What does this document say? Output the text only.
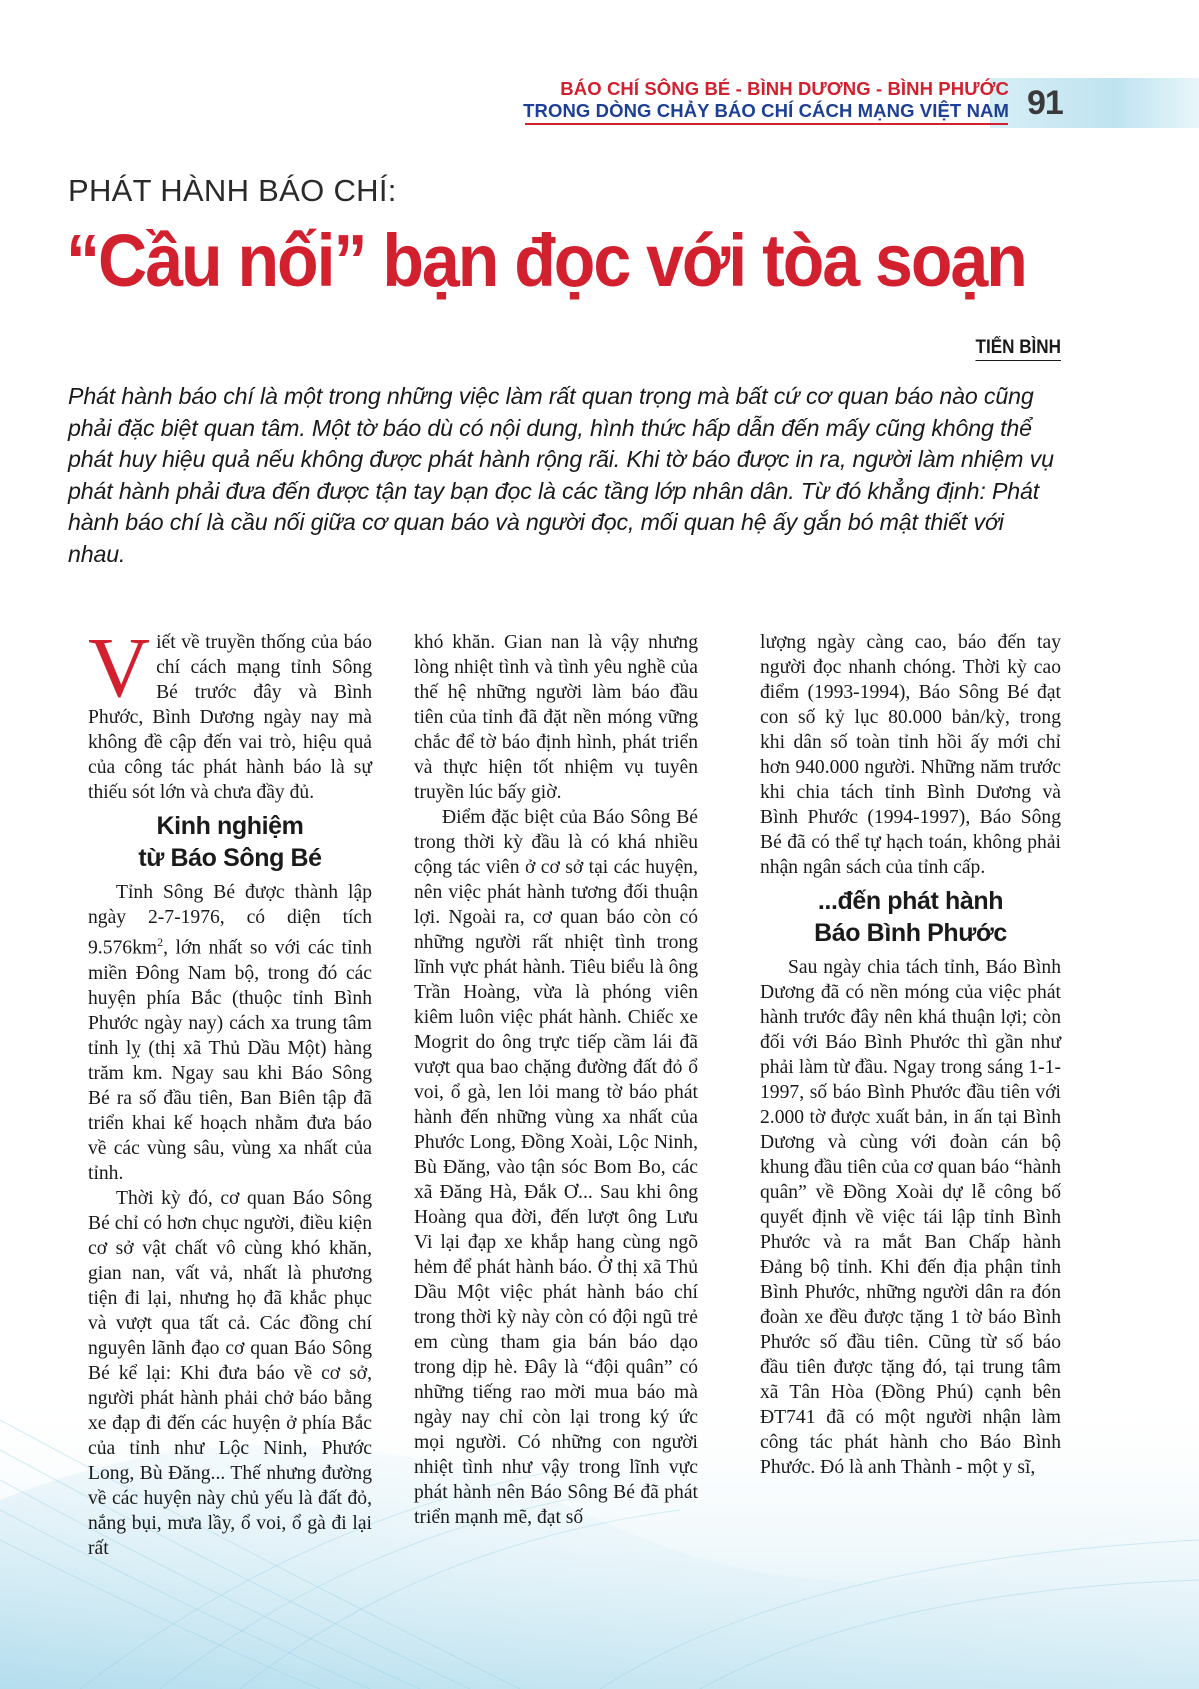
BÁO CHÍ SÔNG BÉ - BÌNH DƯƠNG - BÌNH PHƯỚC
TRONG DÒNG CHẢY BÁO CHÍ CÁCH MẠNG VIỆT NAM 91
PHÁT HÀNH BÁO CHÍ:
“Cầu nối” bạn đọc với tòa soạn
TIẾN BÌNH

Phát hành báo chí là một trong những việc làm rất quan trọng mà bất cứ cơ quan báo nào cũng phải đặc biệt quan tâm. Một tờ báo dù có nội dung, hình thức hấp dẫn đến mấy cũng không thể phát huy hiệu quả nếu không được phát hành rộng rãi. Khi tờ báo được in ra, người làm nhiệm vụ phát hành phải đưa đến được tận tay bạn đọc là các tầng lớp nhân dân. Từ đó khẳng định: Phát hành báo chí là cầu nối giữa cơ quan báo và người đọc, mối quan hệ ấy gắn bó mật thiết với nhau.

Viết về truyền thống của báo chí cách mạng tỉnh Sông Bé trước đây và Bình Phước, Bình Dương ngày nay mà không đề cập đến vai trò, hiệu quả của công tác phát hành báo là sự thiếu sót lớn và chưa đầy đủ.

Kinh nghiệm
từ Báo Sông Bé

Tỉnh Sông Bé được thành lập ngày 2-7-1976, có diện tích $9.576km^2$, lớn nhất so với các tỉnh miền Đông Nam bộ, trong đó các huyện phía Bắc (thuộc tỉnh Bình Phước ngày nay) cách xa trung tâm tỉnh lỵ (thị xã Thủ Dầu Một) hàng trăm km. Ngay sau khi Báo Sông Bé ra số đầu tiên, Ban Biên tập đã triển khai kế hoạch nhằm đưa báo về các vùng sâu, vùng xa nhất của tỉnh.

Thời kỳ đó, cơ quan Báo Sông Bé chỉ có hơn chục người, điều kiện cơ sở vật chất vô cùng khó khăn, gian nan, vất vả, nhất là phương tiện đi lại, nhưng họ đã khắc phục và vượt qua tất cả. Các đồng chí nguyên lãnh đạo cơ quan Báo Sông Bé kể lại: Khi đưa báo về cơ sở, người phát hành phải chở báo bằng xe đạp đi đến các huyện ở phía Bắc của tỉnh như Lộc Ninh, Phước Long, Bù Đăng... Thế nhưng đường về các huyện này chủ yếu là đất đỏ, nắng bụi, mưa lầy, ổ voi, ổ gà đi lại rất

khó khăn. Gian nan là vậy nhưng lòng nhiệt tình và tình yêu nghề của thế hệ những người làm báo đầu tiên của tỉnh đã đặt nền móng vững chắc để tờ báo định hình, phát triển và thực hiện tốt nhiệm vụ tuyên truyền lúc bấy giờ.

Điểm đặc biệt của Báo Sông Bé trong thời kỳ đầu là có khá nhiều cộng tác viên ở cơ sở tại các huyện, nên việc phát hành tương đối thuận lợi. Ngoài ra, cơ quan báo còn có những người rất nhiệt tình trong lĩnh vực phát hành. Tiêu biểu là ông Trần Hoàng, vừa là phóng viên kiêm luôn việc phát hành. Chiếc xe Mogrit do ông trực tiếp cầm lái đã vượt qua bao chặng đường đất đỏ ổ voi, ổ gà, len lỏi mang tờ báo phát hành đến những vùng xa nhất của Phước Long, Đồng Xoài, Lộc Ninh, Bù Đăng, vào tận sóc Bom Bo, các xã Đăng Hà, Đắk Ơ... Sau khi ông Hoàng qua đời, đến lượt ông Lưu Vi lại đạp xe khắp hang cùng ngõ hẻm để phát hành báo. Ở thị xã Thủ Dầu Một việc phát hành báo chí trong thời kỳ này còn có đội ngũ trẻ em cùng tham gia bán báo dạo trong dịp hè. Đây là “đội quân” có những tiếng rao mời mua báo mà ngày nay chỉ còn lại trong ký ức mọi người. Có những con người nhiệt tình như vậy trong lĩnh vực phát hành nên Báo Sông Bé đã phát triển mạnh mẽ, đạt số

lượng ngày càng cao, báo đến tay người đọc nhanh chóng. Thời kỳ cao điểm (1993-1994), Báo Sông Bé đạt con số kỷ lục 80.000 bản/kỳ, trong khi dân số toàn tỉnh hồi ấy mới chỉ hơn 940.000 người. Những năm trước khi chia tách tỉnh Bình Dương và Bình Phước (1994-1997), Báo Sông Bé đã có thể tự hạch toán, không phải nhận ngân sách của tỉnh cấp.

...đến phát hành
Báo Bình Phước

Sau ngày chia tách tỉnh, Báo Bình Dương đã có nền móng của việc phát hành trước đây nên khá thuận lợi; còn đối với Báo Bình Phước thì gần như phải làm từ đầu. Ngay trong sáng 1-1-1997, số báo Bình Phước đầu tiên với 2.000 tờ được xuất bản, in ấn tại Bình Dương và cùng với đoàn cán bộ khung đầu tiên của cơ quan báo “hành quân” về Đồng Xoài dự lễ công bố quyết định về việc tái lập tỉnh Bình Phước và ra mắt Ban Chấp hành Đảng bộ tỉnh. Khi đến địa phận tỉnh Bình Phước, những người dân ra đón đoàn xe đều được tặng 1 tờ báo Bình Phước số đầu tiên. Cũng từ số báo đầu tiên được tặng đó, tại trung tâm xã Tân Hòa (Đồng Phú) cạnh bên ĐT741 đã có một người nhận làm công tác phát hành cho Báo Bình Phước. Đó là anh Thành - một y sĩ,
